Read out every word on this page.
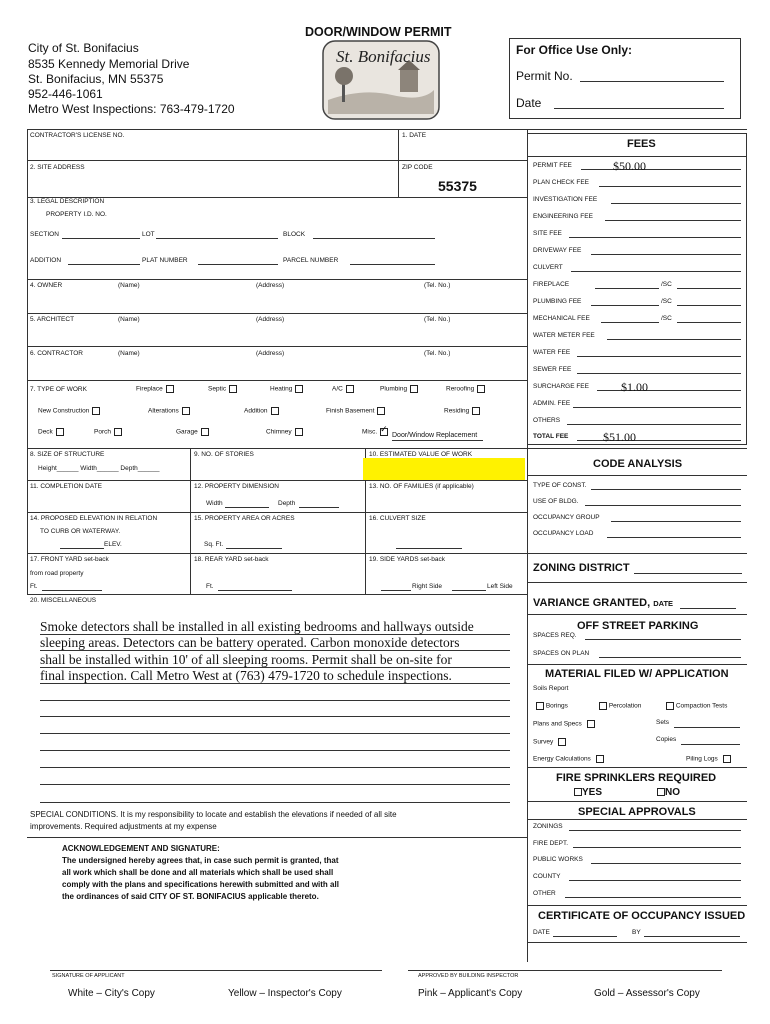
DOOR/WINDOW PERMIT
City of St. Bonifacius
8535 Kennedy Memorial Drive
St. Bonifacius, MN 55375
952-446-1061
Metro West Inspections: 763-479-1720
St. Bonifacius	For Office Use Only:
Permit No.
Date
CONTRACTOR'S LICENSE NO.	1. DATE
2. SITE ADDRESS	ZIP CODE
55375
3. LEGAL DESCRIPTION
PROPERTY I.D. NO.
SECTION	LOT	BLOCK
ADDITION	PLAT NUMBER	PARCEL NUMBER
4. OWNER	(Name)	(Address)	(Tel. No.)
5. ARCHITECT	(Name)	(Address)	(Tel. No.)
6. CONTRACTOR	(Name)	(Address)	(Tel. No.)
7. TYPE OF WORK	Fireplace	Septic	Heating	A/C	Plumbing	Reroofing
New Construction	Alterations	Addition	Finish Basement	Residing
Deck	Porch	Garage	Chimney	Misc.✓	Door/Window Replacement
8. SIZE OF STRUCTURE
Height______ Width______ Depth______
9. NO. OF STORIES	10. ESTIMATED VALUE OF WORK
11. COMPLETION DATE	12. PROPERTY DIMENSION
Width	Depth
13. NO. OF FAMILIES (if applicable)
14. PROPOSED ELEVATION IN RELATION
TO CURB OR WATERWAY.
ELEV.
15. PROPERTY AREA OR ACRES
Sq. Ft.
16. CULVERT SIZE
17. FRONT YARD set-back
from road property
Ft.
18. REAR YARD set-back
Ft.
19. SIDE YARDS set-back
Right Side	Left Side
20. MISCELLANEOUS
Smoke detectors shall be installed in all existing bedrooms and hallways outside
sleeping areas. Detectors can be battery operated. Carbon monoxide detectors
shall be installed within 10' of all sleeping rooms. Permit shall be on-site for
final inspection. Call Metro West at (763) 479-1720 to schedule inspections.
SPECIAL CONDITIONS. It is my responsibility to locate and establish the elevations if needed of all site
improvements. Required adjustments at my expense
ACKNOWLEDGEMENT AND SIGNATURE:
The undersigned hereby agrees that, in case such permit is granted, that
all work which shall be done and all materials which shall be used shall
comply with the plans and specifications herewith submitted and with all
the ordinances of said CITY OF ST. BONIFACIUS applicable thereto.
FEES
PERMIT FEE	$50.00
PLAN CHECK FEE
INVESTIGATION FEE
ENGINEERING FEE
SITE FEE
DRIVEWAY FEE
CULVERT
FIREPLACE	/SC
PLUMBING FEE	/SC
MECHANICAL FEE	/SC
WATER METER FEE
WATER FEE
SEWER FEE
SURCHARGE FEE	$1.00
ADMIN. FEE
OTHERS
TOTAL FEE	$51.00
CODE ANALYSIS
TYPE OF CONST.
USE OF BLDG.
OCCUPANCY GROUP
OCCUPANCY LOAD
ZONING DISTRICT
VARIANCE GRANTED, DATE
OFF STREET PARKING
SPACES REQ.
SPACES ON PLAN
MATERIAL FILED W/ APPLICATION
Soils Report
Borings	Percolation	Compaction Tests
Plans and Specs	Sets
Survey	Copies
Energy Calculations	Piling Logs
FIRE SPRINKLERS REQUIRED
YES	NO
SPECIAL APPROVALS
ZONINGS
FIRE DEPT.
PUBLIC WORKS
COUNTY
OTHER
CERTIFICATE OF OCCUPANCY ISSUED
DATE	BY
SIGNATURE OF APPLICANT	APPROVED BY BUILDING INSPECTOR
White – City's Copy	Yellow – Inspector's Copy	Pink – Applicant's Copy	Gold – Assessor's Copy
